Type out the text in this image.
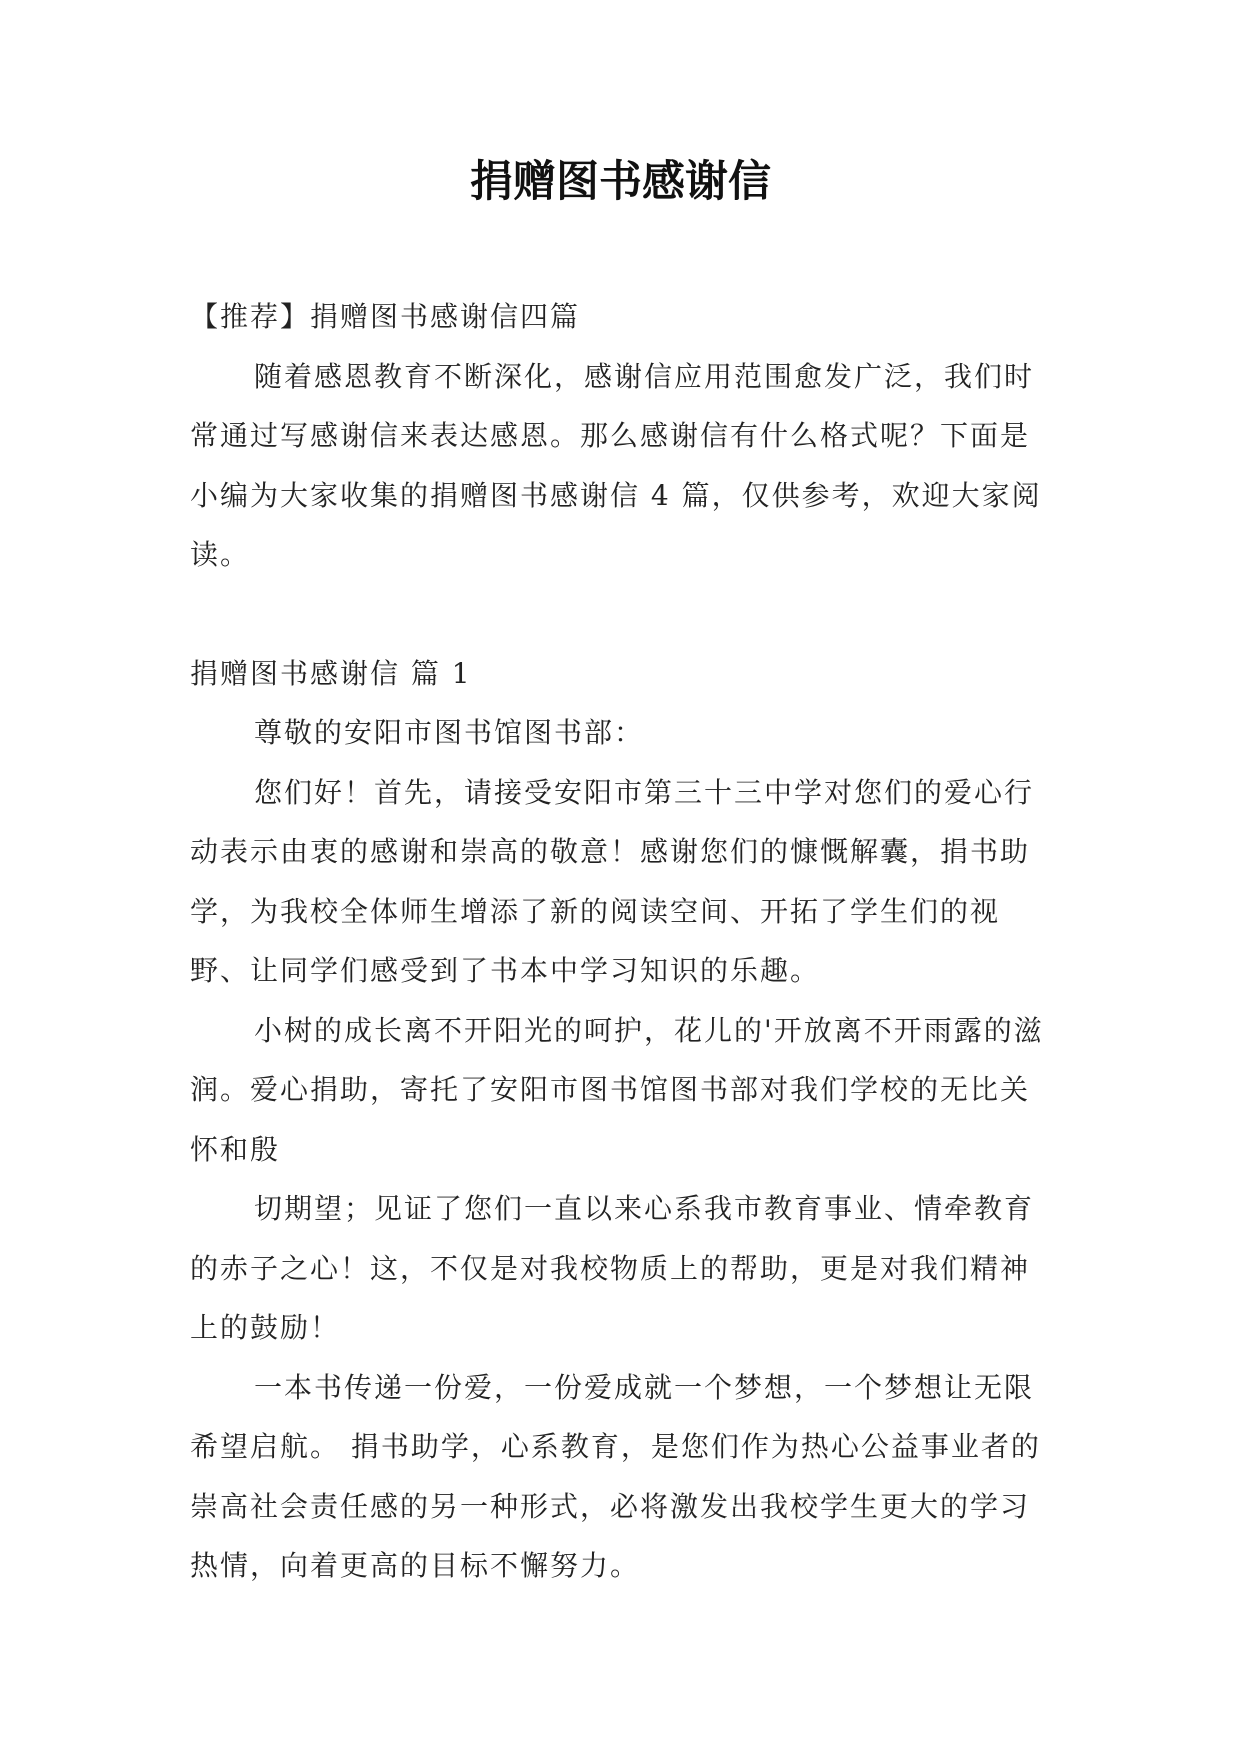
捐赠图书感谢信

【推荐】捐赠图书感谢信四篇

随着感恩教育不断深化，感谢信应用范围愈发广泛，我们时常通过写感谢信来表达感恩。那么感谢信有什么格式呢？下面是小编为大家收集的捐赠图书感谢信 4 篇，仅供参考，欢迎大家阅读。

捐赠图书感谢信 篇 1

尊敬的安阳市图书馆图书部：

您们好！首先，请接受安阳市第三十三中学对您们的爱心行动表示由衷的感谢和崇高的敬意！感谢您们的慷慨解囊，捐书助学，为我校全体师生增添了新的阅读空间、开拓了学生们的视野、让同学们感受到了书本中学习知识的乐趣。

小树的成长离不开阳光的呵护，花儿的'开放离不开雨露的滋润。爱心捐助，寄托了安阳市图书馆图书部对我们学校的无比关怀和殷

切期望；见证了您们一直以来心系我市教育事业、情牵教育的赤子之心！这，不仅是对我校物质上的帮助，更是对我们精神上的鼓励！

一本书传递一份爱，一份爱成就一个梦想，一个梦想让无限希望启航。 捐书助学，心系教育，是您们作为热心公益事业者的崇高社会责任感的另一种形式，必将激发出我校学生更大的学习热情，向着更高的目标不懈努力。
